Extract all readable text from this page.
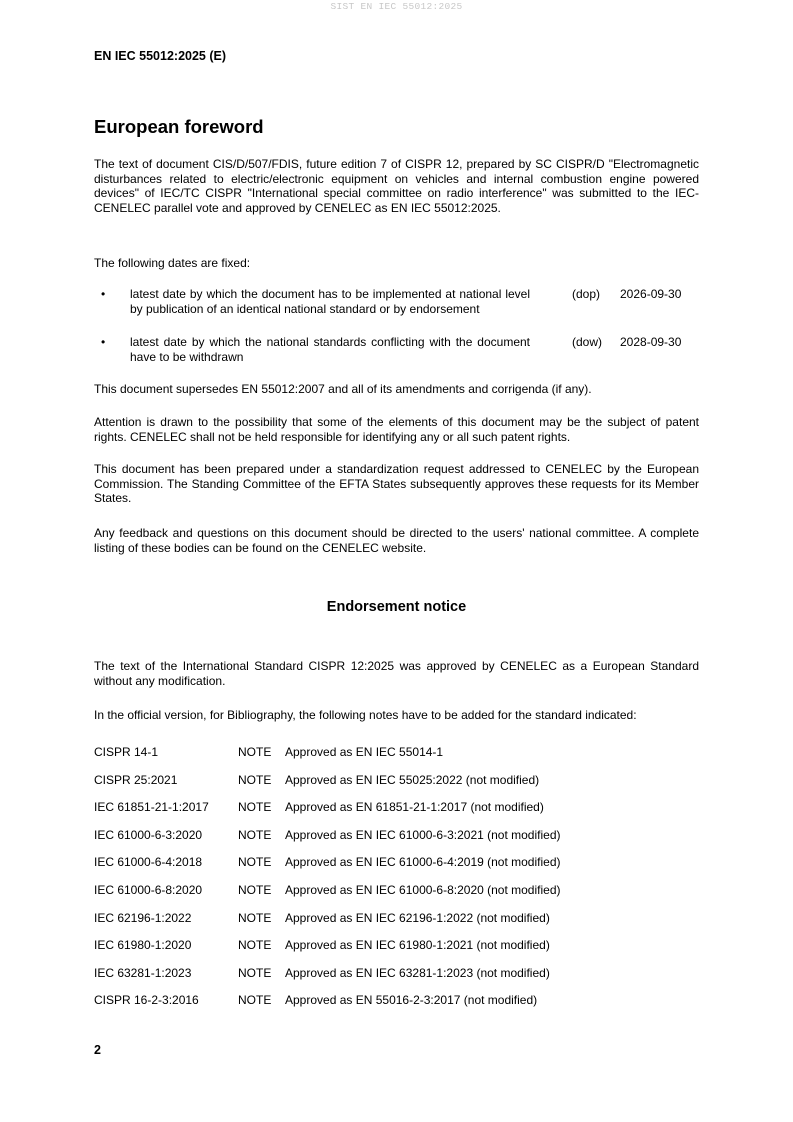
SIST EN IEC 55012:2025
EN IEC 55012:2025 (E)
European foreword

The text of document CIS/D/507/FDIS, future edition 7 of CISPR 12, prepared by SC CISPR/D "Electromagnetic disturbances related to electric/electronic equipment on vehicles and internal combustion engine powered devices" of IEC/TC CISPR "International special committee on radio interference" was submitted to the IEC-CENELEC parallel vote and approved by CENELEC as EN IEC 55012:2025.

The following dates are fixed:

• latest date by which the document has to be implemented at national level by publication of an identical national standard or by endorsement
(dop) 2026-09-30
• latest date by which the national standards conflicting with the document have to be withdrawn
(dow) 2028-09-30

This document supersedes EN 55012:2007 and all of its amendments and corrigenda (if any).

Attention is drawn to the possibility that some of the elements of this document may be the subject of patent rights. CENELEC shall not be held responsible for identifying any or all such patent rights.

This document has been prepared under a standardization request addressed to CENELEC by the European Commission. The Standing Committee of the EFTA States subsequently approves these requests for its Member States.

Any feedback and questions on this document should be directed to the users' national committee. A complete listing of these bodies can be found on the CENELEC website.

Endorsement notice

The text of the International Standard CISPR 12:2025 was approved by CENELEC as a European Standard without any modification.

In the official version, for Bibliography, the following notes have to be added for the standard indicated:

CISPR 14-1	NOTE Approved as EN IEC 55014-1
CISPR 25:2021	NOTE Approved as EN IEC 55025:2022 (not modified)
IEC 61851-21-1:2017 NOTE Approved as EN 61851-21-1:2017 (not modified)
IEC 61000-6-3:2020	NOTE Approved as EN IEC 61000-6-3:2021 (not modified)
IEC 61000-6-4:2018	NOTE Approved as EN IEC 61000-6-4:2019 (not modified)
IEC 61000-6-8:2020	NOTE Approved as EN IEC 61000-6-8:2020 (not modified)
IEC 62196-1:2022	NOTE Approved as EN IEC 62196-1:2022 (not modified)
IEC 61980-1:2020	NOTE Approved as EN IEC 61980-1:2021 (not modified)
IEC 63281-1:2023	NOTE Approved as EN IEC 63281-1:2023 (not modified)
CISPR 16-2-3:2016	NOTE Approved as EN 55016-2-3:2017 (not modified)
2
